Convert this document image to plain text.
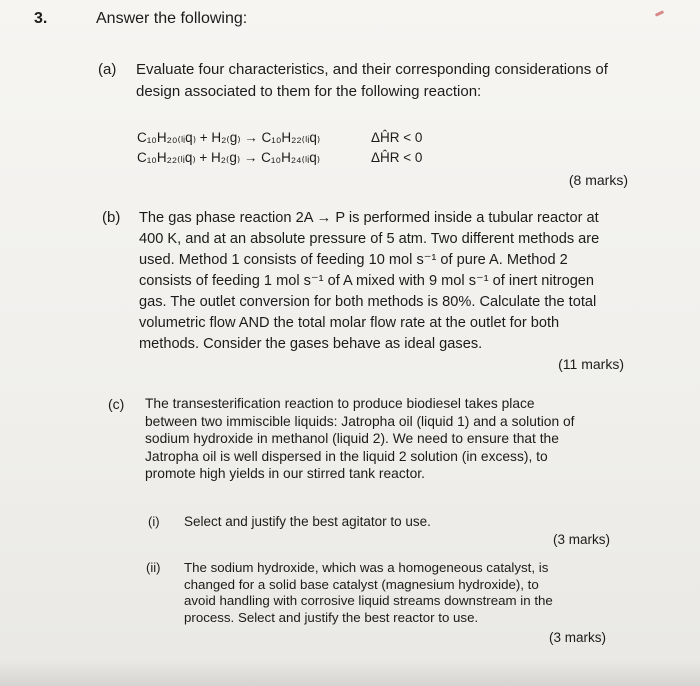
3.	Answer the following:
(a) Evaluate four characteristics, and their corresponding considerations of
design associated to them for the following reaction:
C₁₀H₂₀₍ₗᵢq₎ + H₂₍g₎ → C₁₀H₂₂₍ₗᵢq₎
C₁₀H₂₂₍ₗᵢq₎ + H₂₍g₎ → C₁₀H₂₄₍ₗᵢq₎
ΔĤR < 0
ΔĤR < 0
(8 marks)
(b) The gas phase reaction 2A → P is performed inside a tubular reactor at
400 K, and at an absolute pressure of 5 atm. Two different methods are
used. Method 1 consists of feeding 10 mol s⁻¹ of pure A. Method 2
consists of feeding 1 mol s⁻¹ of A mixed with 9 mol s⁻¹ of inert nitrogen
gas. The outlet conversion for both methods is 80%. Calculate the total
volumetric flow AND the total molar flow rate at the outlet for both
methods. Consider the gases behave as ideal gases.
(11 marks)
(c) The transesterification reaction to produce biodiesel takes place
between two immiscible liquids: Jatropha oil (liquid 1) and a solution of
sodium hydroxide in methanol (liquid 2). We need to ensure that the
Jatropha oil is well dispersed in the liquid 2 solution (in excess), to
promote high yields in our stirred tank reactor.
(i) Select and justify the best agitator to use.
(3 marks)
(ii) The sodium hydroxide, which was a homogeneous catalyst, is
changed for a solid base catalyst (magnesium hydroxide), to
avoid handling with corrosive liquid streams downstream in the
process. Select and justify the best reactor to use.
(3 marks)
